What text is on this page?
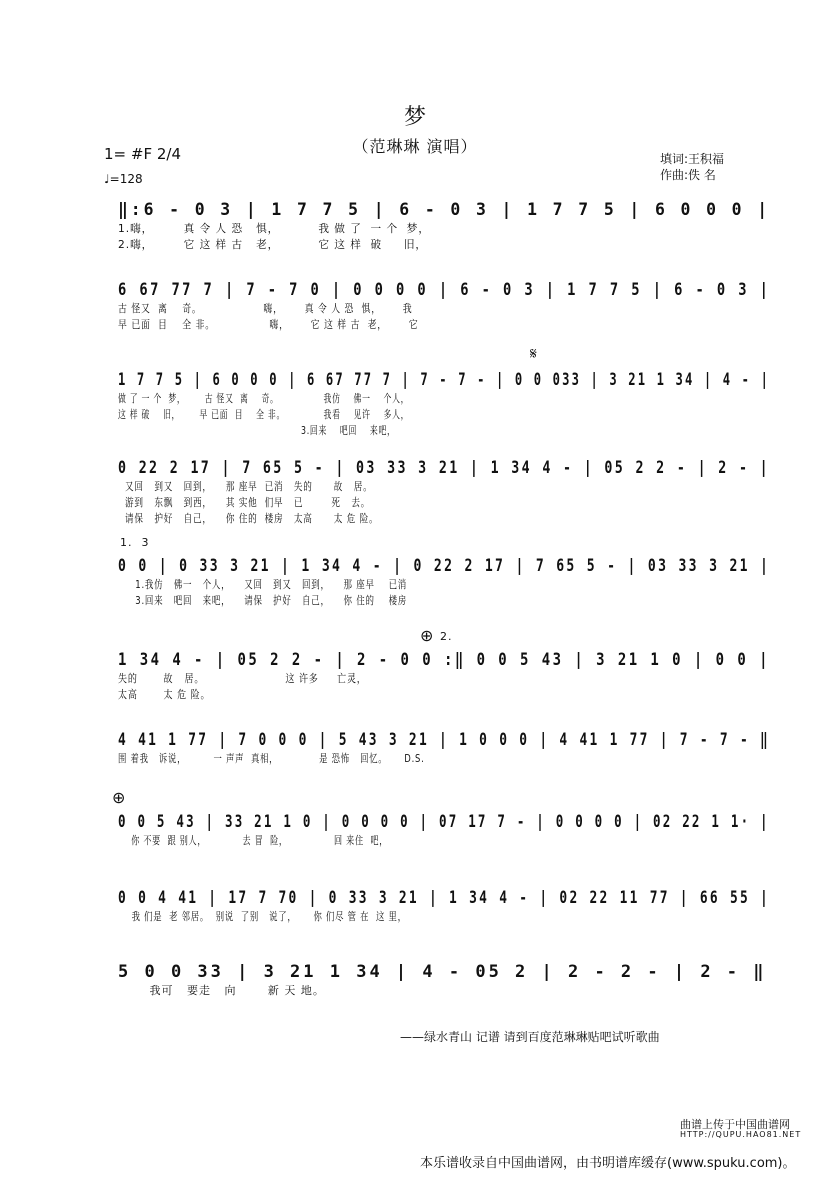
梦
（范琳琳 演唱）
填词:王积福
作曲:佚 名
1= #F 2/4
♩=128
‖:6 - 0 3 | 1 7 7 5 | 6 - 0 3 | 1 7 7 5 | 6 0 0 0 |
1.嗨，       真 令 人 恐   惧，         我 做 了  一 个  梦，
2.嗨，       它 这 样 古   老，         它 这 样  破     旧，
6 67 77 7 | 7 - 7 0 | 0 0 0 0 | 6 - 0 3 | 1 7 7 5 | 6 - 0 3 |
古 怪又  离    奇。                 嗨，      真 令 人 恐  惧，      我
早 已面  目    全 非。               嗨，      它 这 样 古  老，      它
𝄋
1 7 7 5 | 6 0 0 0 | 6 67 77 7 | 7 - 7 - | 0 0 033 | 3 21 1 34 | 4 - |
做 了 一 个  梦，      古 怪又  离    奇。              我仿    佛一    个人，
这 样 破    旧，      早 已面  目    全 非。            我看    见许    多人，
3.回来    吧回    来吧，
0 22 2 17 | 7 65 5 - | 03 33 3 21 | 1 34 4 - | 05 2 2 - | 2 - |
又回   到又   回到，    那 座早  已消   失的      故   居。
游到   东飘   到西，    其 实他  们早   已        死   去。
请保   护好   自己，    你 住的  楼房   太高      太 危 险。
1.  3
0 0 | 0 33 3 21 | 1 34 4 - | 0 22 2 17 | 7 65 5 - | 03 33 3 21 |
1.我仿   佛一   个人，    又回   到又   回到，    那 座早    已消
3.回来   吧回   来吧，    请保   护好   自己，    你 住的    楼房
⊕ 2.
1 34 4 - | 05 2 2 - | 2 - 0 0 :‖ 0 0 5 43 | 3 21 1 0 | 0 0 |
失的       故   居。                      这 许多     亡灵，
太高       太 危 险。
4 41 1 77 | 7 0 0 0 | 5 43 3 21 | 1 0 0 0 | 4 41 1 77 | 7 - 7 - ‖
围 着我   诉说，        一 声声  真相，            是 恐怖   回忆。     D.S.
⊕
0 0 5 43 | 33 21 1 0 | 0 0 0 0 | 07 17 7 - | 0 0 0 0 | 02 22 1 1· |
你 不要  跟 别人，           去 冒  险，              回 来住  吧，
0 0 4 41 | 17 7 70 | 0 33 3 21 | 1 34 4 - | 02 22 11 77 | 66 55 |
我 们是  老 邻居。  别说  了别   说了，     你 们尽 管 在  这 里，
5 0 0 33 | 3 21 1 34 | 4 - 05 2 | 2 - 2 - | 2 - ‖
我可   要走   向       新 天 地。
——绿水青山 记谱 请到百度范琳琳贴吧试听歌曲
曲谱上传于中国曲谱网
HTTP://QUPU.HAO81.NET
本乐谱收录自中国曲谱网，由书明谱库缓存(www.spuku.com)。
